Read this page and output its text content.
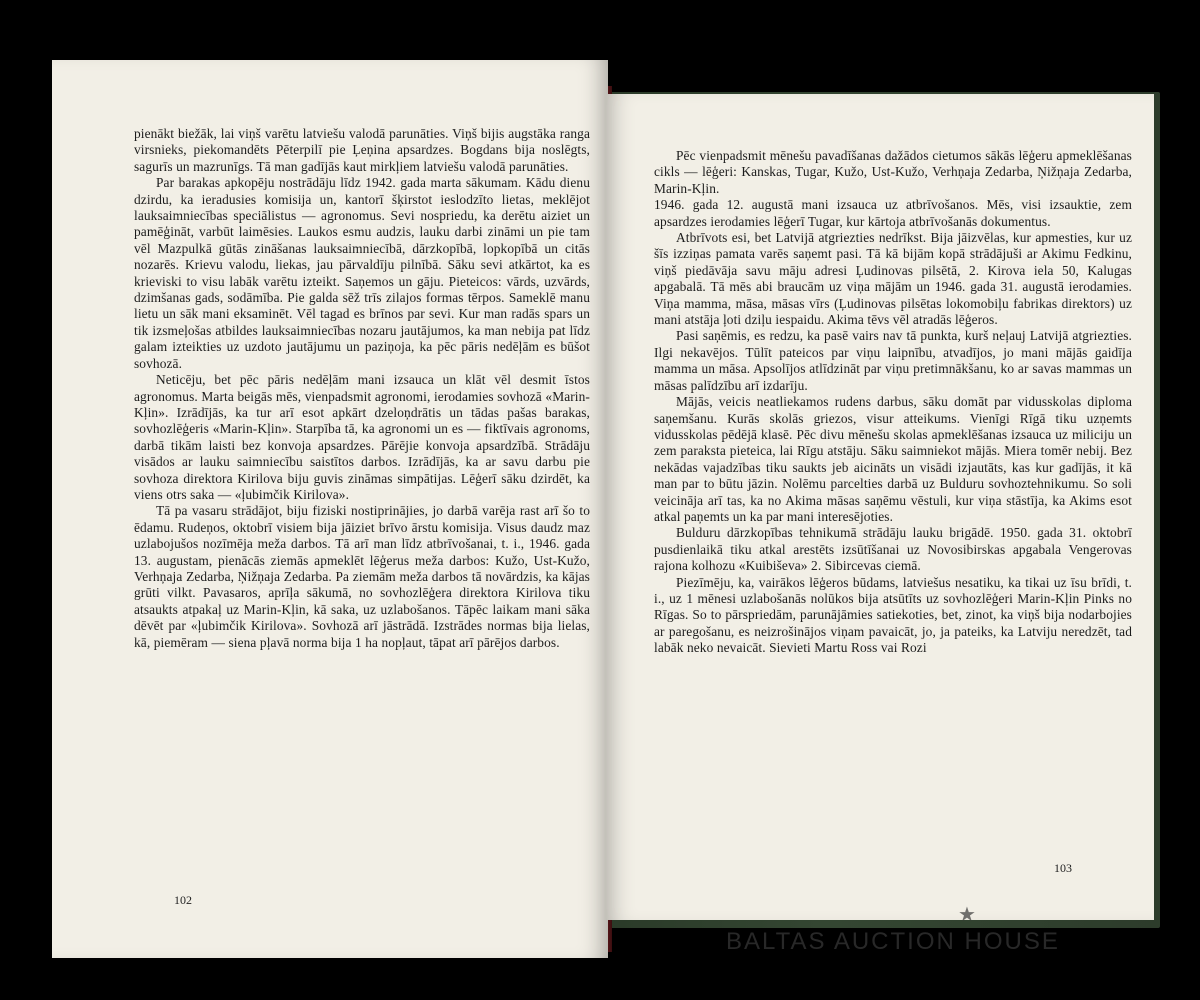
pienākt biežāk, lai viņš varētu latviešu valodā parunāties. Viņš bijis augstāka ranga virsnieks, piekomandēts Pēterpilī pie Ļeņina apsardzes. Bogdans bija noslēgts, sagurīs un mazrunīgs. Tā man gadījās kaut mirkļiem latviešu valodā parunāties.

Par barakas apkopēju nostrādāju līdz 1942. gada marta sākumam. Kādu dienu dzirdu, ka ieradusies komisija un, kantorī šķirstot ieslodzīto lietas, meklējot lauksaimniecības speciālistus — agronomus. Sevi nospriedu, ka derētu aiziet un pamēģināt, varbūt laimēsies. Laukos esmu audzis, lauku darbi zināmi un pie tam vēl Mazpulkā gūtās zināšanas lauksaimniecībā, dārzkopībā, lopkopībā un citās nozarēs. Krievu valodu, liekas, jau pārvaldīju pilnībā. Sāku sevi atkārtot, ka es krieviski to visu labāk varētu izteikt. Saņemos un gāju. Pieteicos: vārds, uzvārds, dzimšanas gads, sodāmība. Pie galda sēž trīs zilajos formas tērpos. Sameklē manu lietu un sāk mani eksaminēt. Vēl tagad es brīnos par sevi. Kur man radās spars un tik izsmeļošas atbildes lauksaimniecības nozaru jautājumos, ka man nebija pat līdz galam izteikties uz uzdoto jautājumu un paziņoja, ka pēc pāris nedēļām es būšot sovhozā.

Neticēju, bet pēc pāris nedēļām mani izsauca un klāt vēl desmit īstos agronomus. Marta beigās mēs, vienpadsmit agronomi, ierodamies sovhozā «Marin-Kļin». Izrādījās, ka tur arī esot apkārt dzeloņdrātis un tādas pašas barakas, sovhozlēģeris «Marin-Kļin». Starpība tā, ka agronomi un es — fiktīvais agronoms, darbā tikām laisti bez konvoja apsardzes. Pārējie konvoja apsardzībā. Strādāju visādos ar lauku saimniecību saistītos darbos. Izrādījās, ka ar savu darbu pie sovhoza direktora Kirilova biju guvis zināmas simpātijas. Lēģerī sāku dzirdēt, ka viens otrs saka — «ļubimčik Kirilova».

Tā pa vasaru strādājot, biju fiziski nostiprinājies, jo darbā varēja rast arī šo to ēdamu. Rudeņos, oktobrī visiem bija jāiziet brīvo ārstu komisija. Visus daudz maz uzlabojušos nozīmēja meža darbos. Tā arī man līdz atbrīvošanai, t. i., 1946. gada 13. augustam, pienācās ziemās apmeklēt lēģerus meža darbos: Kužo, Ust-Kužo, Verhņaja Zedarba, Ņižņaja Zedarba. Pa ziemām meža darbos tā novārdzis, ka kājas grūti vilkt. Pavasaros, aprīļa sākumā, no sovhozlēģera direktora Kirilova tiku atsaukts atpakaļ uz Marin-Kļin, kā saka, uz uzlabošanos. Tāpēc laikam mani sāka dēvēt par «ļubimčik Kirilova». Sovhozā arī jāstrādā. Izstrādes normas bija lielas, kā, piemēram — siena pļavā norma bija 1 ha nopļaut, tāpat arī pārējos darbos.

102

Pēc vienpadsmit mēnešu pavadīšanas dažādos cietumos sākās lēģeru apmeklēšanas cikls — lēģeri: Kanskas, Tugar, Kužo, Ust-Kužo, Verhņaja Zedarba, Ņižņaja Zedarba, Marin-Kļin.

1946. gada 12. augustā mani izsauca uz atbrīvošanos. Mēs, visi izsauktie, zem apsardzes ierodamies lēģerī Tugar, kur kārtoja atbrīvošanās dokumentus.

Atbrīvots esi, bet Latvijā atgriezties nedrīkst. Bija jāizvēlas, kur apmesties, kur uz šīs izziņas pamata varēs saņemt pasi. Tā kā bijām kopā strādājuši ar Akimu Fedkinu, viņš piedāvāja savu māju adresi Ļudinovas pilsētā, 2. Kirova iela 50, Kalugas apgabalā. Tā mēs abi braucām uz viņa mājām un 1946. gada 31. augustā ierodamies. Viņa mamma, māsa, māsas vīrs (Ļudinovas pilsētas lokomobiļu fabrikas direktors) uz mani atstāja ļoti dziļu iespaidu. Akima tēvs vēl atradās lēģeros.

Pasi saņēmis, es redzu, ka pasē vairs nav tā punkta, kurš neļauj Latvijā atgriezties. Ilgi nekavējos. Tūlīt pateicos par viņu laipnību, atvadījos, jo mani mājās gaidīja mamma un māsa. Apsolījos atlīdzināt par viņu pretimnākšanu, ko ar savas mammas un māsas palīdzību arī izdarīju.

Mājās, veicis neatliekamos rudens darbus, sāku domāt par vidusskolas diploma saņemšanu. Kurās skolās griezos, visur atteikums. Vienīgi Rīgā tiku uzņemts vidusskolas pēdējā klasē. Pēc divu mēnešu skolas apmeklēšanas izsauca uz miliciju un zem paraksta pieteica, lai Rīgu atstāju. Sāku saimniekot mājās. Miera tomēr nebij. Bez nekādas vajadzības tiku saukts jeb aicināts un visādi izjautāts, kas kur gadījās, it kā man par to būtu jāzin. Nolēmu parcelties darbā uz Bulduru sovhoztehnikumu. So soli veicināja arī tas, ka no Akima māsas saņēmu vēstuli, kur viņa stāstīja, ka Akims esot atkal paņemts un ka par mani interesējoties.

Bulduru dārzkopības tehnikumā strādāju lauku brigādē. 1950. gada 31. oktobrī pusdienlaikā tiku atkal arestēts izsūtīšanai uz Novosibirskas apgabala Vengerovas rajona kolhozu «Kuibiševa» 2. Sibircevas ciemā.

Piezīmēju, ka, vairākos lēģeros būdams, latviešus nesatiku, ka tikai uz īsu brīdi, t. i., uz 1 mēnesi uzlabošanās nolūkos bija atsūtīts uz sovhozlēģeri Marin-Kļin Pinks no Rīgas. So to pārspriedām, parunājāmies satiekoties, bet, zinot, ka viņš bija nodarbojies ar paregošanu, es neizrošinājos viņam pavaicāt, jo, ja pateiks, ka Latviju neredzēt, tad labāk neko nevaicāt. Sievieti Martu Ross vai Rozi

103
★
BALTAS AUCTION HOUSE
